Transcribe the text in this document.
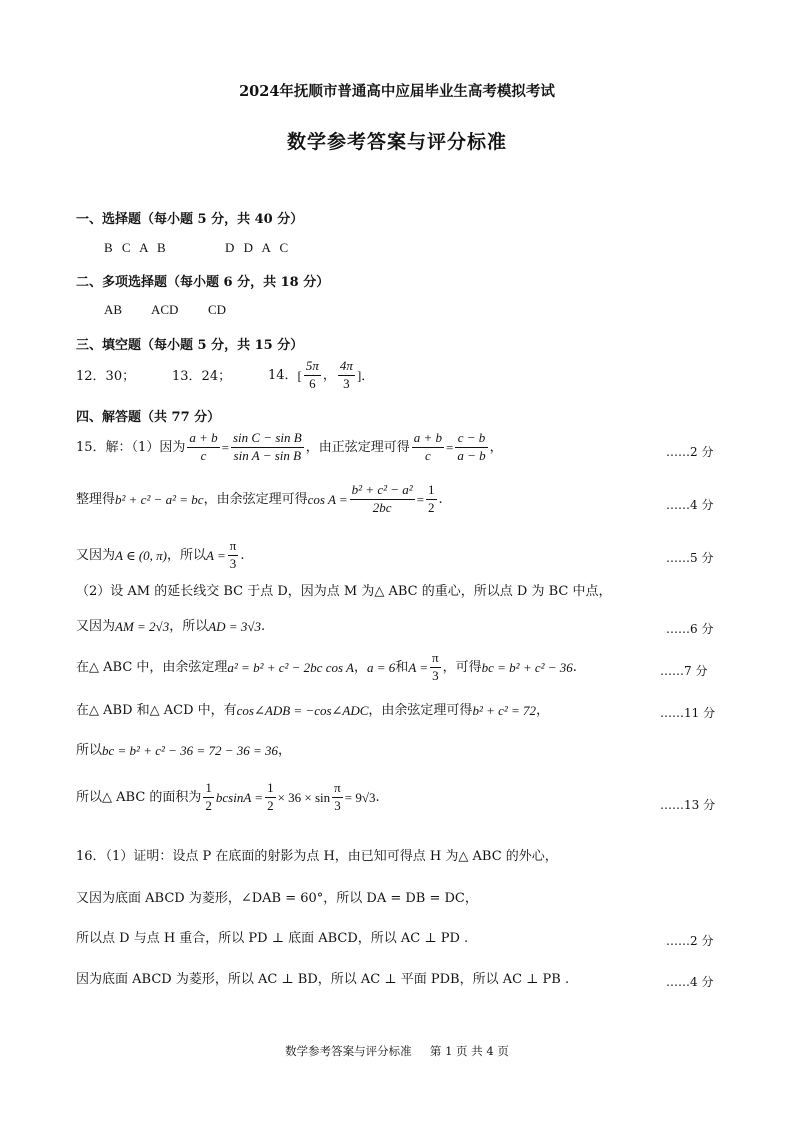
2024年抚顺市普通高中应届毕业生高考模拟考试
数学参考答案与评分标准
一、选择题（每小题 5 分，共 40 分）
B C A B	D D A C
二、多项选择题（每小题 6 分，共 18 分）
AB ACD CD
三、填空题（每小题 5 分，共 15 分）
12．30；	13．24；	14． [ $\frac{5\pi}{6}$ ， $\frac{4\pi}{3}$ ]．
四、解答题（共 77 分）
15．解：（1）因为 $\frac{a + b}{c} = \frac{\text{sin C − sin B}}{\text{sin A − sin B}}$ ，由正弦定理可得 $\frac{a + b}{c} = \frac{c - b}{a - b}$ ，	……2 分
整理得 b² + c² − a² = bc ，由余弦定理可得 $\cos A = \frac{\text{b² + c² − a²}}{2bc} = \frac{1}{2}$ .	……4 分
又因为 A ∈ (0, π) ，所以 $A = \frac{\pi}{3}$ .	……5 分
（2）设 AM 的延长线交 BC 于点 D，因为点 M 为△ ABC 的重心，所以点 D 为 BC 中点，
又因为 AM = 2√3 ，所以 AD = 3√3 .	……6 分
在△ ABC 中，由余弦定理 a² = b² + c² − 2bc cos A ， a = 6 和 $A = \frac{\pi}{3}$ ，可得 bc = b² + c² − 36 .	……7 分
在△ ABD 和△ ACD 中，有 cos∠ADB = −cos∠ADC ，由余弦定理可得 b² + c² = 72 ，	……11 分
所以 bc = b² + c² − 36 = 72 − 36 = 36 ，
所以△ ABC 的面积为 $\frac{1}{2}$ $bcsinA = \frac{1}{2} \times 36 \times \sin \frac{\pi}{3} = 9√3$ .
……13 分
16．（1）证明：设点 P 在底面的射影为点 H，由已知可得点 H 为△ ABC 的外心，
又因为底面 ABCD 为菱形，∠DAB = 60°，所以 DA = DB = DC，
所以点 D 与点 H 重合，所以 PD ⊥ 底面 ABCD，所以 AC ⊥ PD .	……2 分
因为底面 ABCD 为菱形，所以 AC ⊥ BD，所以 AC ⊥ 平面 PDB，所以 AC ⊥ PB .	……4 分
数学参考答案与评分标准     第 1 页 共 4 页
